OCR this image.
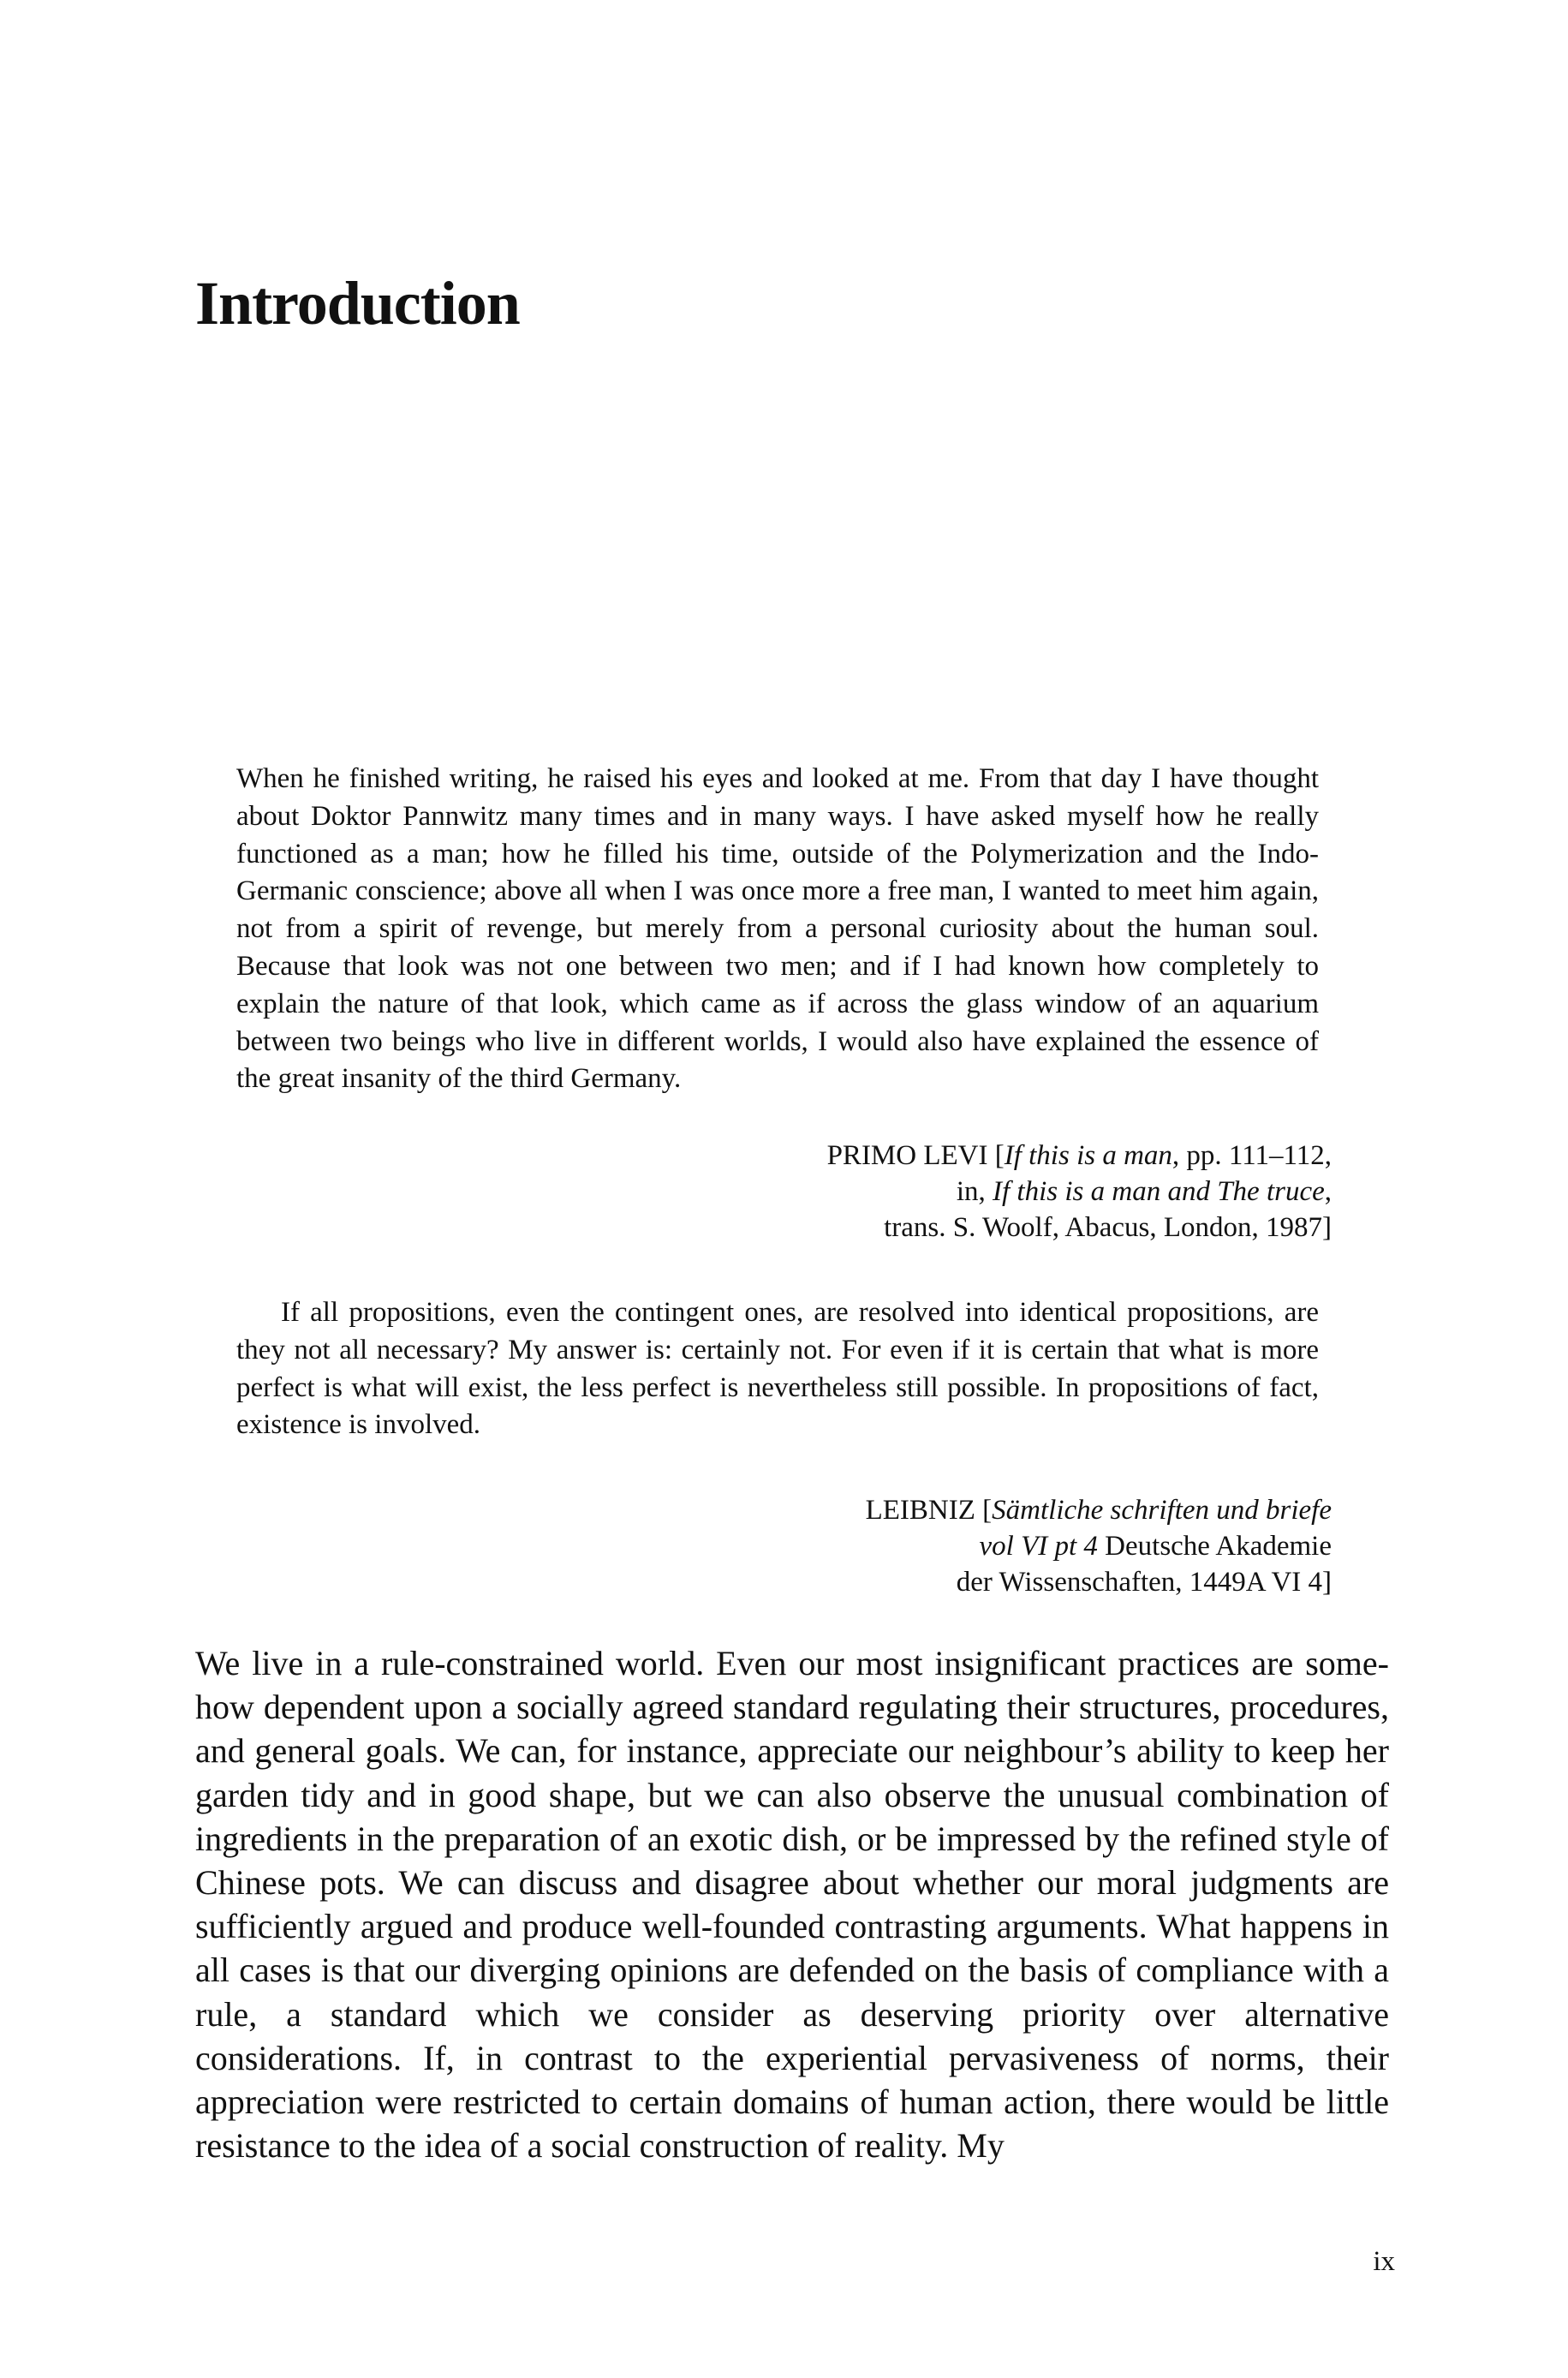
Introduction

When he finished writing, he raised his eyes and looked at me. From that day I have thought about Doktor Pannwitz many times and in many ways. I have asked myself how he really functioned as a man; how he filled his time, outside of the Polymerization and the Indo-Germanic conscience; above all when I was once more a free man, I wanted to meet him again, not from a spirit of revenge, but merely from a personal curiosity about the human soul. Because that look was not one between two men; and if I had known how completely to explain the nature of that look, which came as if across the glass window of an aquarium between two beings who live in different worlds, I would also have explained the essence of the great insanity of the third Germany.

PRIMO LEVI [If this is a man, pp. 111–112,
in, If this is a man and The truce,
trans. S. Woolf, Abacus, London, 1987]

If all propositions, even the contingent ones, are resolved into identical propositions, are they not all necessary? My answer is: certainly not. For even if it is certain that what is more perfect is what will exist, the less perfect is nevertheless still possible. In propositions of fact, existence is involved.

LEIBNIZ [Sämtliche schriften und briefe
vol VI pt 4 Deutsche Akademie
der Wissenschaften, 1449A VI 4]

We live in a rule-constrained world. Even our most insignificant practices are somehow dependent upon a socially agreed standard regulating their structures, procedures, and general goals. We can, for instance, appreciate our neighbour’s ability to keep her garden tidy and in good shape, but we can also observe the unusual combination of ingredients in the preparation of an exotic dish, or be impressed by the refined style of Chinese pots. We can discuss and disagree about whether our moral judgments are sufficiently argued and produce well-founded contrasting arguments. What happens in all cases is that our diverging opinions are defended on the basis of compliance with a rule, a standard which we consider as deserving priority over alternative considerations. If, in contrast to the experiential pervasiveness of norms, their appreciation were restricted to certain domains of human action, there would be little resistance to the idea of a social construction of reality. My

ix
